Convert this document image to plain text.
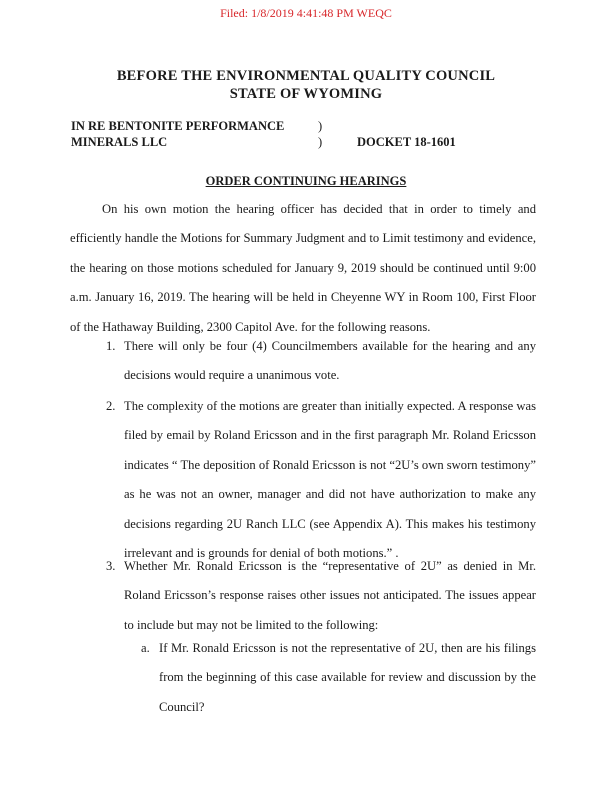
Filed: 1/8/2019 4:41:48 PM WEQC
BEFORE THE ENVIRONMENTAL QUALITY COUNCIL
STATE OF WYOMING
IN RE BENTONITE PERFORMANCE
MINERALS LLC
)
)	DOCKET 18-1601
ORDER CONTINUING HEARINGS
On his own motion the hearing officer has decided that in order to timely and efficiently handle the Motions for Summary Judgment and to Limit testimony and evidence, the hearing on those motions scheduled for January 9, 2019 should be continued until 9:00 a.m. January 16, 2019. The hearing will be held in Cheyenne WY in Room 100, First Floor of the Hathaway Building, 2300 Capitol Ave. for the following reasons.
1. There will only be four (4) Councilmembers available for the hearing and any decisions would require a unanimous vote.
2. The complexity of the motions are greater than initially expected. A response was filed by email by Roland Ericsson and in the first paragraph Mr. Roland Ericsson indicates “ The deposition of Ronald Ericsson is not “2U’s own sworn testimony” as he was not an owner, manager and did not have authorization to make any decisions regarding 2U Ranch LLC (see Appendix A). This makes his testimony irrelevant and is grounds for denial of both motions.” .
3. Whether Mr. Ronald Ericsson is the “representative of 2U” as denied in Mr. Roland Ericsson’s response raises other issues not anticipated. The issues appear to include but may not be limited to the following:
a. If Mr. Ronald Ericsson is not the representative of 2U, then are his filings from the beginning of this case available for review and discussion by the Council?
